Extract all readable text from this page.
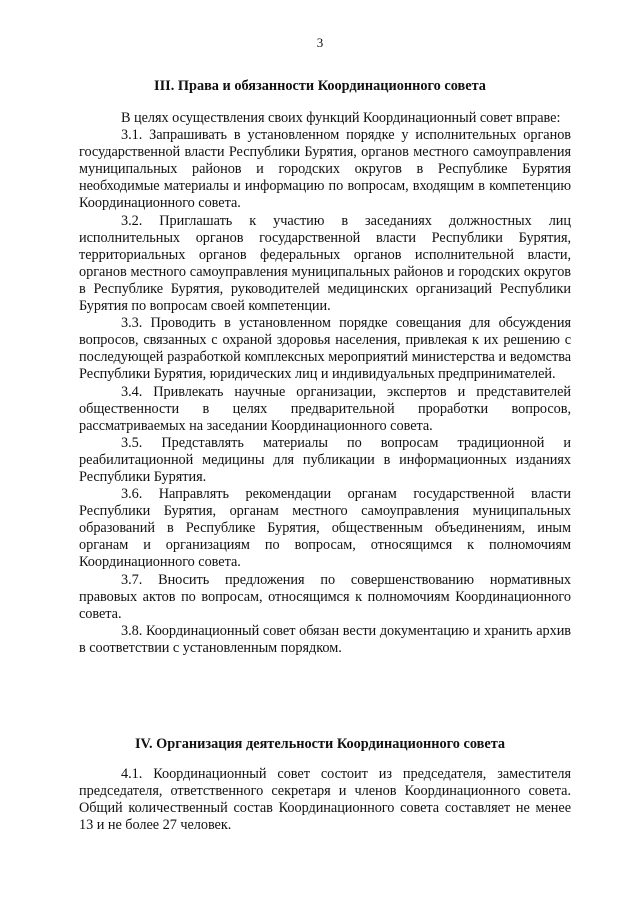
3
III. Права и обязанности Координационного совета

В целях осуществления своих функций Координационный совет вправе:

3.1. Запрашивать в установленном порядке у исполнительных органов государственной власти Республики Бурятия, органов местного самоуправления муниципальных районов и городских округов в Республике Бурятия необходимые материалы и информацию по вопросам, входящим в компетенцию Координационного совета.

3.2. Приглашать к участию в заседаниях должностных лиц исполнительных органов государственной власти Республики Бурятия, территориальных органов федеральных органов исполнительной власти, органов местного самоуправления муниципальных районов и городских округов в Республике Бурятия, руководителей медицинских организаций Республики Бурятия по вопросам своей компетенции.

3.3. Проводить в установленном порядке совещания для обсуждения вопросов, связанных с охраной здоровья населения, привлекая к их решению с последующей разработкой комплексных мероприятий министерства и ведомства Республики Бурятия, юридических лиц и индивидуальных предпринимателей.

3.4. Привлекать научные организации, экспертов и представителей общественности в целях предварительной проработки вопросов, рассматриваемых на заседании Координационного совета.

3.5. Представлять материалы по вопросам традиционной и реабилитационной медицины для публикации в информационных изданиях Республики Бурятия.

3.6. Направлять рекомендации органам государственной власти Республики Бурятия, органам местного самоуправления муниципальных образований в Республике Бурятия, общественным объединениям, иным органам и организациям по вопросам, относящимся к полномочиям Координационного совета.

3.7. Вносить предложения по совершенствованию нормативных правовых актов по вопросам, относящимся к полномочиям Координационного совета.

3.8. Координационный совет обязан вести документацию и хранить архив в соответствии с установленным порядком.

IV. Организация деятельности Координационного совета

4.1. Координационный совет состоит из председателя, заместителя председателя, ответственного секретаря и членов Координационного совета. Общий количественный состав Координационного совета составляет не менее 13 и не более 27 человек.
